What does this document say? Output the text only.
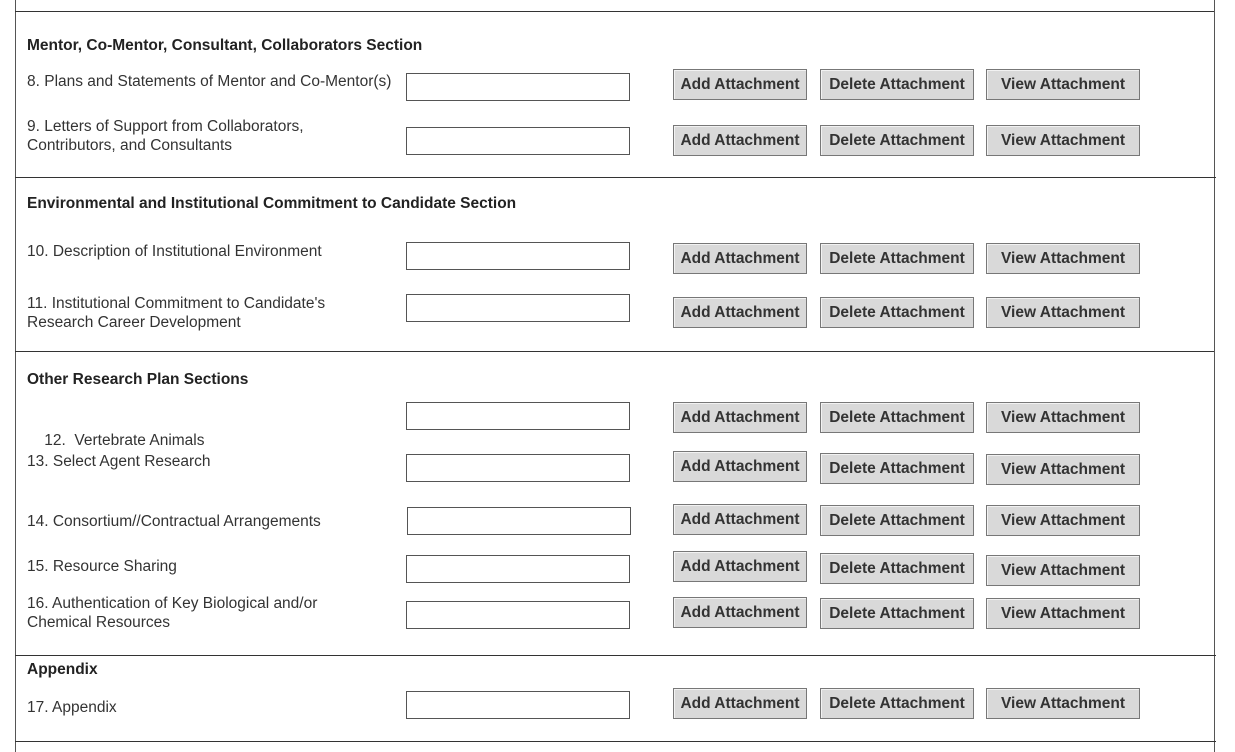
Mentor, Co-Mentor, Consultant, Collaborators Section
8. Plans and Statements of Mentor and Co-Mentor(s)	Add Attachment	Delete Attachment	View Attachment
9. Letters of Support from Collaborators,
Contributors, and Consultants	Add Attachment	Delete Attachment	View Attachment
Environmental and Institutional Commitment to Candidate Section
10. Description of Institutional Environment	Add Attachment	Delete Attachment	View Attachment
11. Institutional Commitment to Candidate's
Research Career Development
Add Attachment	Delete Attachment	View Attachment
Other Research Plan Sections

12.  Vertebrate Animals

Add Attachment	Delete Attachment	View Attachment
13. Select Agent Research	Add Attachment	Delete Attachment	View Attachment
14. Consortium//Contractual Arrangements	Add Attachment	Delete Attachment	View Attachment
15. Resource Sharing	Add Attachment	Delete Attachment	View Attachment
16. Authentication of Key Biological and/or
Chemical Resources
Add Attachment	Delete Attachment	View Attachment
Appendix
17. Appendix	Add Attachment	Delete Attachment	View Attachment
